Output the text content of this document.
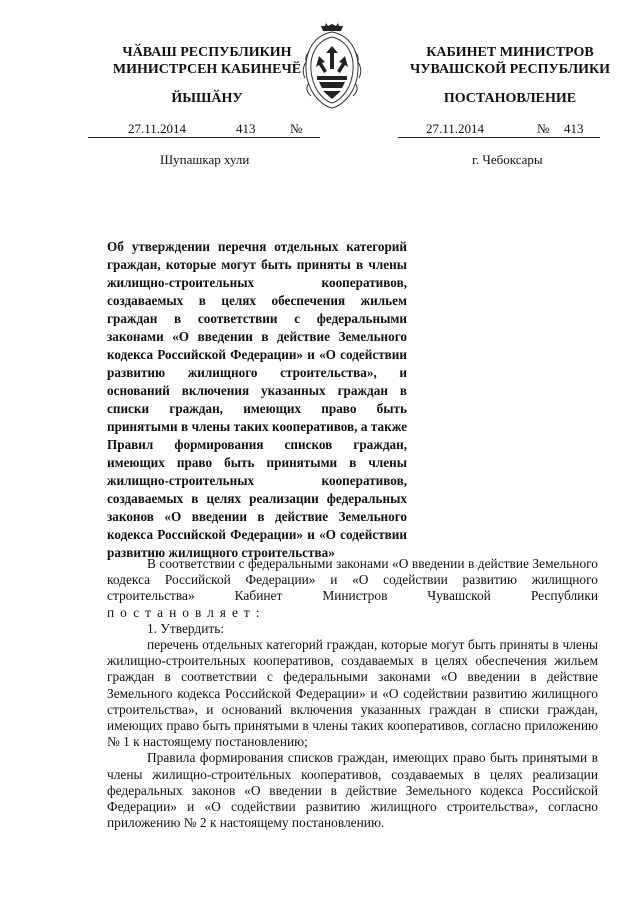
ЧӐВАШ РЕСПУБЛИКИН
МИНИСТРСЕН КАБИНЕЧӖ
ЙЫШӐНУ
КАБИНЕТ МИНИСТРОВ
ЧУВАШСКОЙ РЕСПУБЛИКИ
ПОСТАНОВЛЕНИЕ
27.11.2014	413	№	27.11.2014	№ 413
Шупашкар хули	г. Чебоксары
Об утверждении перечня отдельных категорий граждан, которые могут быть приняты в члены жилищно-строительных кооперативов, создаваемых в целях обеспечения жильем граждан в соответствии с федеральными законами «О введении в действие Земельного кодекса Российской Федерации» и «О содействии развитию жилищного строительства», и оснований включения указанных граждан в списки граждан, имеющих право быть принятыми в члены таких кооперативов, а также Правил формирования списков граждан, имеющих право быть принятыми в члены жилищно-строительных кооперативов, создаваемых в целях реализации федеральных законов «О введении в действие Земельного кодекса Российской Федерации» и «О содействии развитию жилищного строительства»

В соответствии с федеральными законами «О введении в действие Земельного кодекса Российской Федерации» и «О содействии развитию жилищного строительства» Кабинет Министров Чувашской Республики постановляет:

1. Утвердить:

перечень отдельных категорий граждан, которые могут быть приняты в члены жилищно-строительных кооперативов, создаваемых в целях обеспечения жильем граждан в соответствии с федеральными законами «О введении в действие Земельного кодекса Российской Федерации» и «О содействии развитию жилищного строительства», и оснований включения указанных граждан в списки граждан, имеющих право быть принятыми в члены таких кооперативов, согласно приложению № 1 к настоящему постановлению;

Правила формирования списков граждан, имеющих право быть принятыми в члены жилищно-строительных кооперативов, создаваемых в целях реализации федеральных законов «О введении в действие Земельного кодекса Российской Федерации» и «О содействии развитию жилищного строительства», согласно приложению № 2 к настоящему постановлению.
